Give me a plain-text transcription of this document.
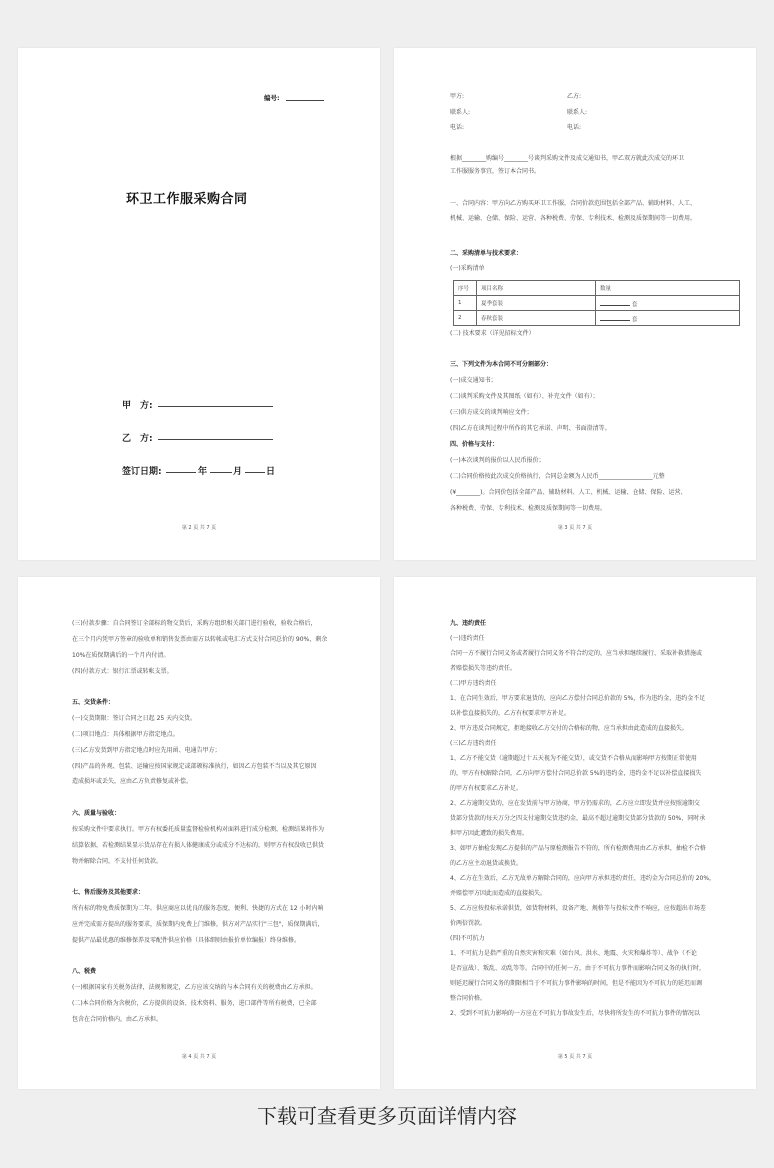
编号:
环卫工作服采购合同
甲　方:
乙　方:
签订日期:	年	月	日
第 2 页 共 7 页
甲方:	乙方:
联系人:	联系人:
电话:	电话:
根据________购编号________号谈判采购文件及成交通知书，甲乙双方就此次成交的环卫
工作服服务事宜，签订本合同书。
一、合同内容：甲方向乙方购买环卫工作服，合同价款范围包括全部产品、辅助材料、人工、
机械、运输、仓储、保险、运营、各种税费、劳保、专利技术、检测及质保期间等一切费用。
二、采购清单与技术要求：
(一)采购清单
序号	项目名称	数量
1	夏季套装	套
2	春秋套装	套
(二) 技术要求（详见招标文件）
三、下列文件为本合同不可分割部分：
(一)成交通知书；
(二)谈判采购文件及其图纸（如有）、补充文件（如有）；
(三)供方成交的谈判响应文件；
(四)乙方在谈判过程中所作的其它承诺、声明、书面澄清等。
四、价格与支付：
(一)本次谈判的报价以人民币报价；
(二)合同价格按此次成交价格执行，合同总金额为人民币__________________元整
(¥________)。合同价包括全部产品、辅助材料、人工、机械、运输、仓储、保险、运营、
各种税费、劳保、专利技术、检测及质保期间等一切费用。
第 3 页 共 7 页
(三)付款步骤：自合同签订全部标的物交货后，采购方组织相关部门进行验收，验收合格后，
在三个月内凭甲方签章的验收单和销售发票由需方以转帐或电汇方式支付合同总价的 90%，剩余
10%在质保期满后的一个月内付清。
(四)付款方式：银行汇票或转帐支票。
五、交货条件：
(一)交货期限：签订合同之日起 25 天内交货。
(二)项目地点：具体根据甲方指定地点。
(三)乙方发货到甲方指定地点时应先用函、电通告甲方；
(四)产品的外观、包装、运输应按国家规定或部颁标准执行，如因乙方包装不当以及其它原因
造成损坏或丢失，应由乙方负责修复或补偿。
六、质量与验收：
按采购文件中要求执行。甲方有权委托质量监督检验机构对面料进行成分检测，检测结果将作为
结算依据，若检测结果显示货品存在有损人体健康成分或成分不达标的，则甲方有权没收已供货
物并解除合同，不支付任何货款。
七、售后服务及其他要求：
所有标的物免费质保期为二年。供应商应以优良的服务态度，便利、快捷的方式在 12 小时内响
应并完成需方提出的服务要求，质保期内免费上门维修，供方对产品实行"三包"，质保期满后，
提供产品最优惠的维修保养及零配件供应价格（具体细则由报价单位编报）终身维修。
八、税费
(一)根据国家有关税务法律，法规和规定，乙方应该交纳的与本合同有关的税费由乙方承担。
(二)本合同价格为含税价，乙方提供的设备、技术资料、服务，进口部件等所有税费，已全部
包含在合同价格内，由乙方承担。
第 4 页 共 7 页
九、违约责任
(一)违约责任
合同一方不履行合同义务或者履行合同义务不符合约定的，应当承担继续履行、采取补救措施或
者赔偿损失等违约责任。
(二)甲方违约责任
1、在合同生效后，甲方要求退货的，应向乙方偿付合同总价款的 5%，作为违约金，违约金不足
以补偿直接损失的，乙方有权要求甲方补足。
2、甲方违反合同规定，拒绝接收乙方交付的合格标的物，应当承担由此造成的直接损失。
(三)乙方违约责任
1、乙方不能交货（逾期超过十五天视为不能交货），或交货不合格从而影响甲方按期正常使用
的，甲方有权解除合同，乙方向甲方偿付合同总价款 5%的违约金，违约金不足以补偿直接损失
的甲方有权要求乙方补足。
2、乙方逾期交货的，应在发货前与甲方协商，甲方仍需求的，乙方应立即发货并应按照逾期交
货部分货款的每天万分之四支付逾期交货违约金，最高不超过逾期交货部分货款的 50%，同时承
担甲方因此遭致的损失费用。
3、如甲方抽检发现乙方提供的产品与原检测报告不符的，所有检测费用由乙方承担，抽检不合格
的乙方应主动退货或换货。
4、乙方在生效后，乙方无故单方解除合同的，应向甲方承担违约责任，违约金为合同总价的 20%，
并赔偿甲方因此而造成的直接损失。
5、乙方应按投标承诺供货，如货物材料，设备产地、规格等与投标文件不响应，应按超出市场差
价两倍罚款。
(四)不可抗力
1、不可抗力是指严重的自然灾害和灾难（如台风、洪水、地震、火灾和爆炸等）、战争（不论
是否宣战）、叛乱、动乱等等。合同中的任何一方，由于不可抗力事件而影响合同义务的执行时，
则延迟履行合同义务的期限相当于不可抗力事件影响的时间，但是不能因为不可抗力的延迟而调
整合同价格。
2、受到不可抗力影响的一方应在不可抗力事故发生后，尽快将所发生的不可抗力事件的情况以
第 5 页 共 7 页
下载可查看更多页面详情内容
